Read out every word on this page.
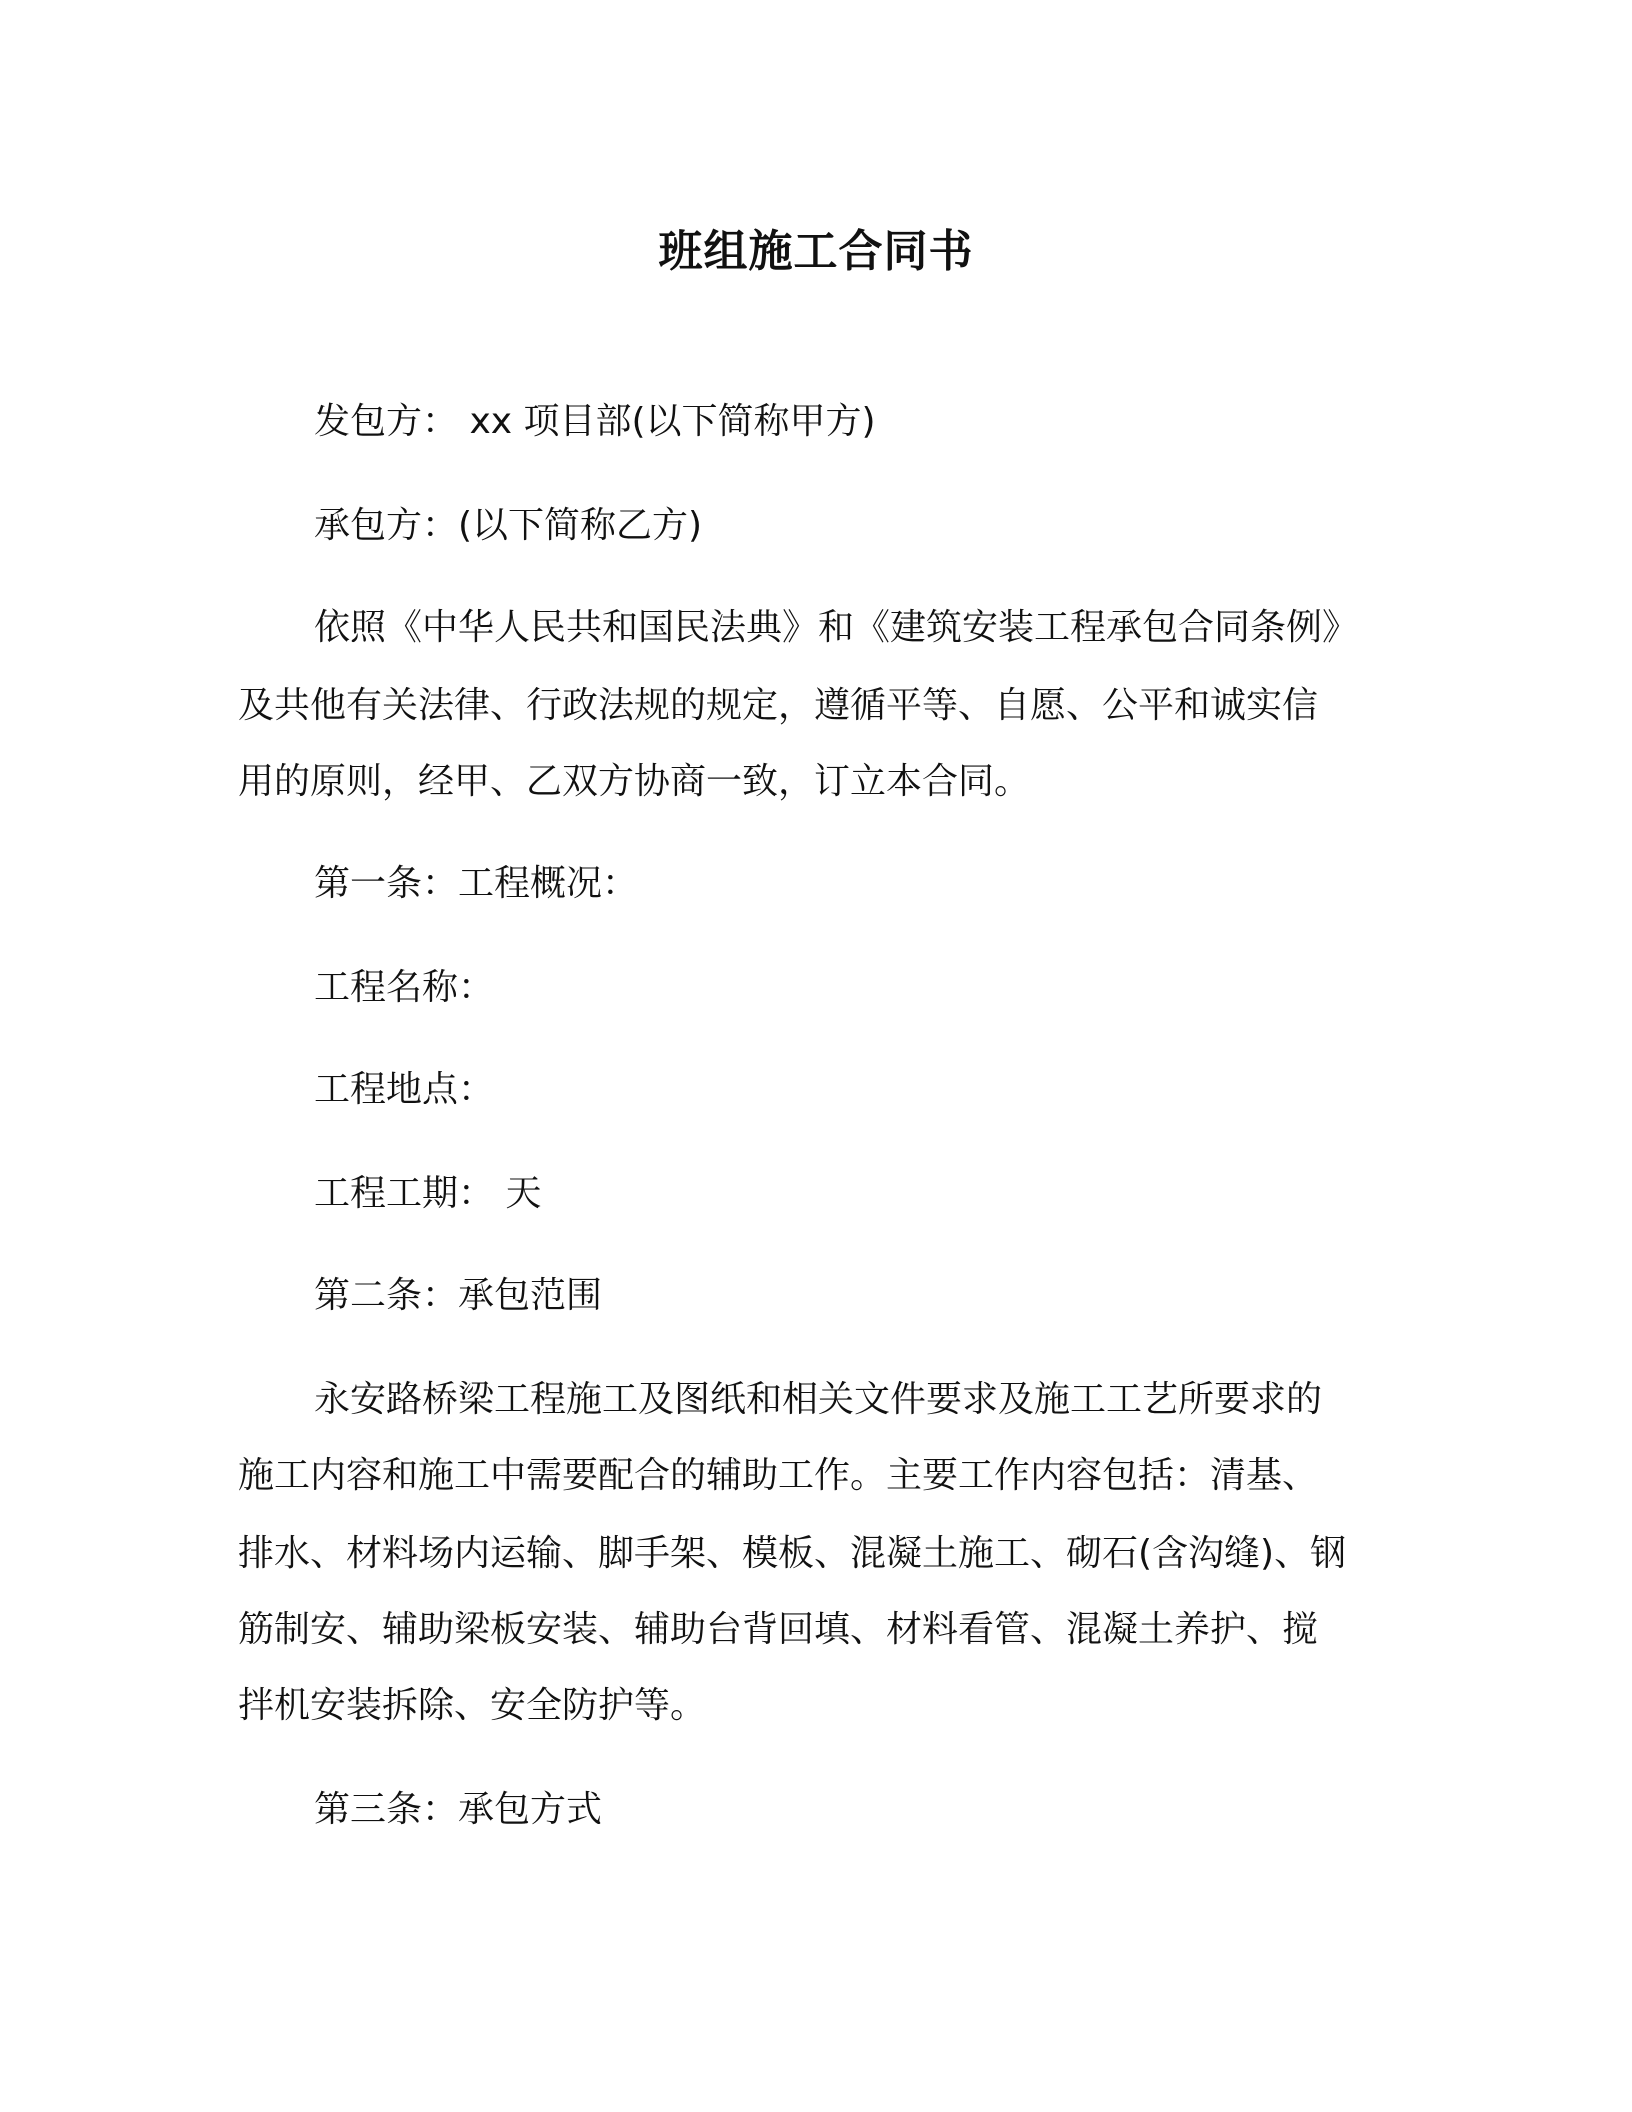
班组施工合同书
发包方： xx 项目部(以下简称甲方)
承包方：(以下简称乙方)
依照《中华人民共和国民法典》和《建筑安装工程承包合同条例》
及共他有关法律、行政法规的规定，遵循平等、自愿、公平和诚实信
用的原则，经甲、乙双方协商一致，订立本合同。
第一条：工程概况：
工程名称：
工程地点：
工程工期： 天
第二条：承包范围
永安路桥梁工程施工及图纸和相关文件要求及施工工艺所要求的
施工内容和施工中需要配合的辅助工作。主要工作内容包括：清基、
排水、材料场内运输、脚手架、模板、混凝土施工、砌石(含沟缝)、钢
筋制安、辅助梁板安装、辅助台背回填、材料看管、混凝土养护、搅
拌机安装拆除、安全防护等。
第三条：承包方式
